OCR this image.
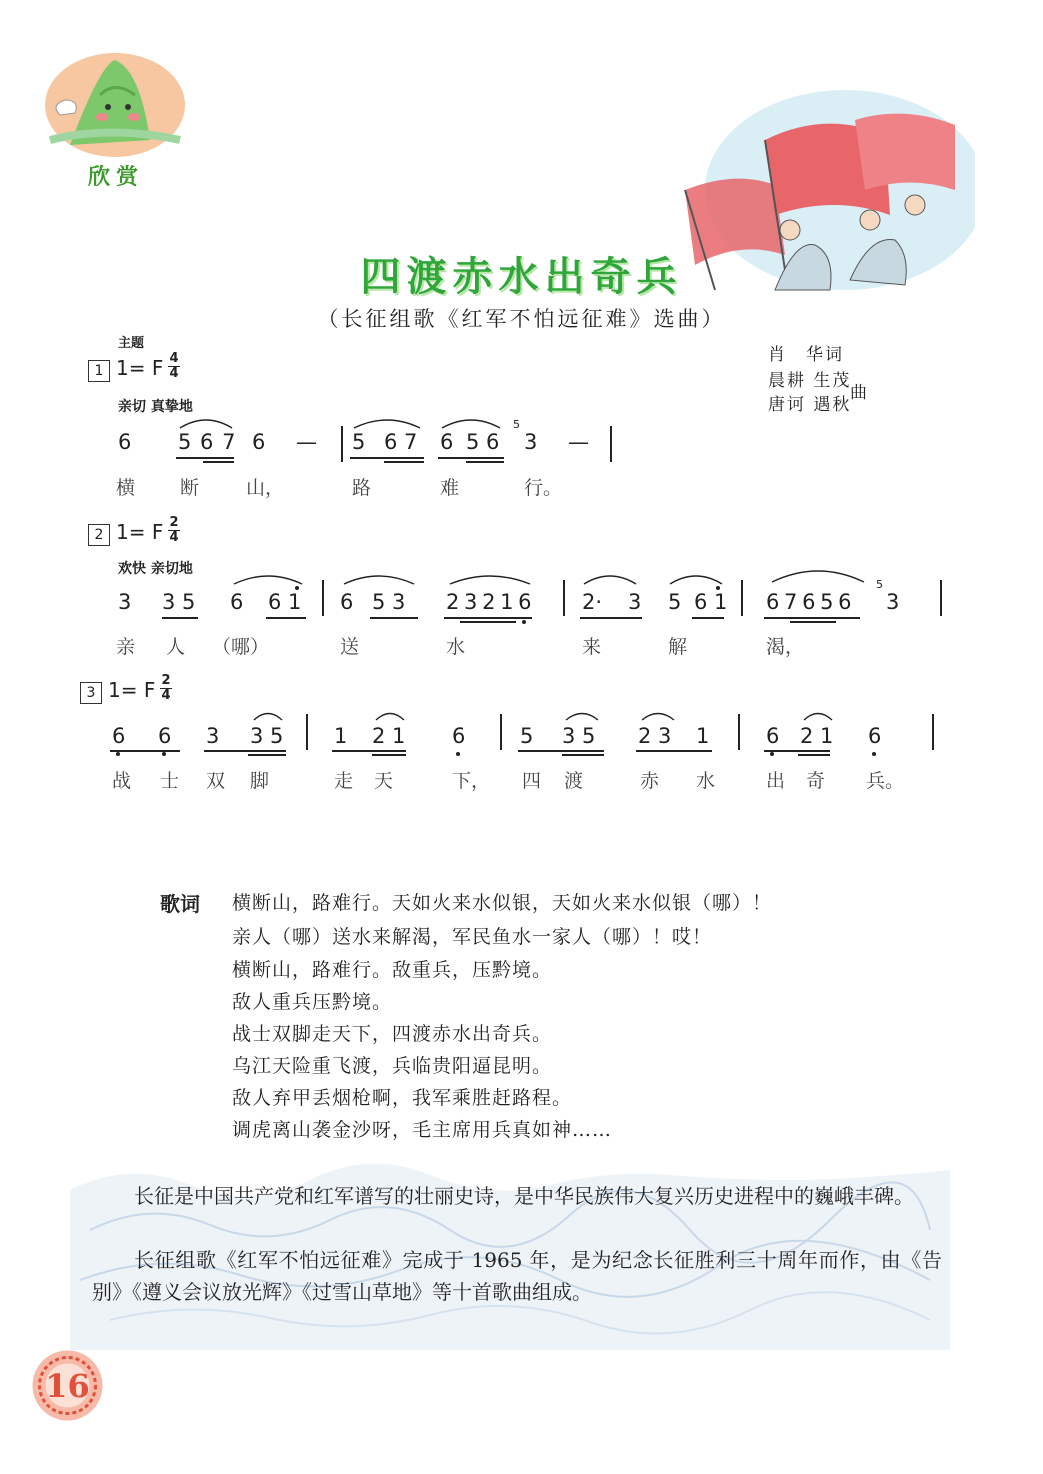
欣赏
四渡赤水出奇兵
（长征组歌《红军不怕远征难》选曲）
肖　华词
晨耕 生茂
唐诃 遇秋
曲
主题
1 1= F $\frac{4}{4}$
亲切 真挚地
6 5 6 7 6 — 5 6 7 6 5 6
5
3 —
横 断 山，	路	难	行。
2 1= F $\frac{2}{4}$
欢快 亲切地
3 3 5 6 6 1 6 5 3 2 3 2 1 6 2· 3 5 6 1 6 7 6 5 6
5
3
亲 人 （哪）	送	水	来	解	渴，
3 1= F $\frac{2}{4}$
6 6 3 3 5 1 2 1 6	5 3 5 2 3 1	6 2 1 6
战 士 双 脚	走 天	下， 四 渡	赤 水	出 奇 兵。
歌词 横断山，路难行。天如火来水似银，天如火来水似银（哪）！
亲人（哪）送水来解渴，军民鱼水一家人（哪）！哎！
横断山，路难行。敌重兵，压黔境。
敌人重兵压黔境。
战士双脚走天下，四渡赤水出奇兵。
乌江天险重飞渡，兵临贵阳逼昆明。
敌人弃甲丢烟枪啊，我军乘胜赶路程。
调虎离山袭金沙呀，毛主席用兵真如神……
长征是中国共产党和红军谱写的壮丽史诗，是中华民族伟大复兴历史进程中的巍峨丰碑。
长征组歌《红军不怕远征难》完成于 1965 年，是为纪念长征胜利三十周年而作，由《告别》《遵义会议放光辉》《过雪山草地》等十首歌曲组成。
16
